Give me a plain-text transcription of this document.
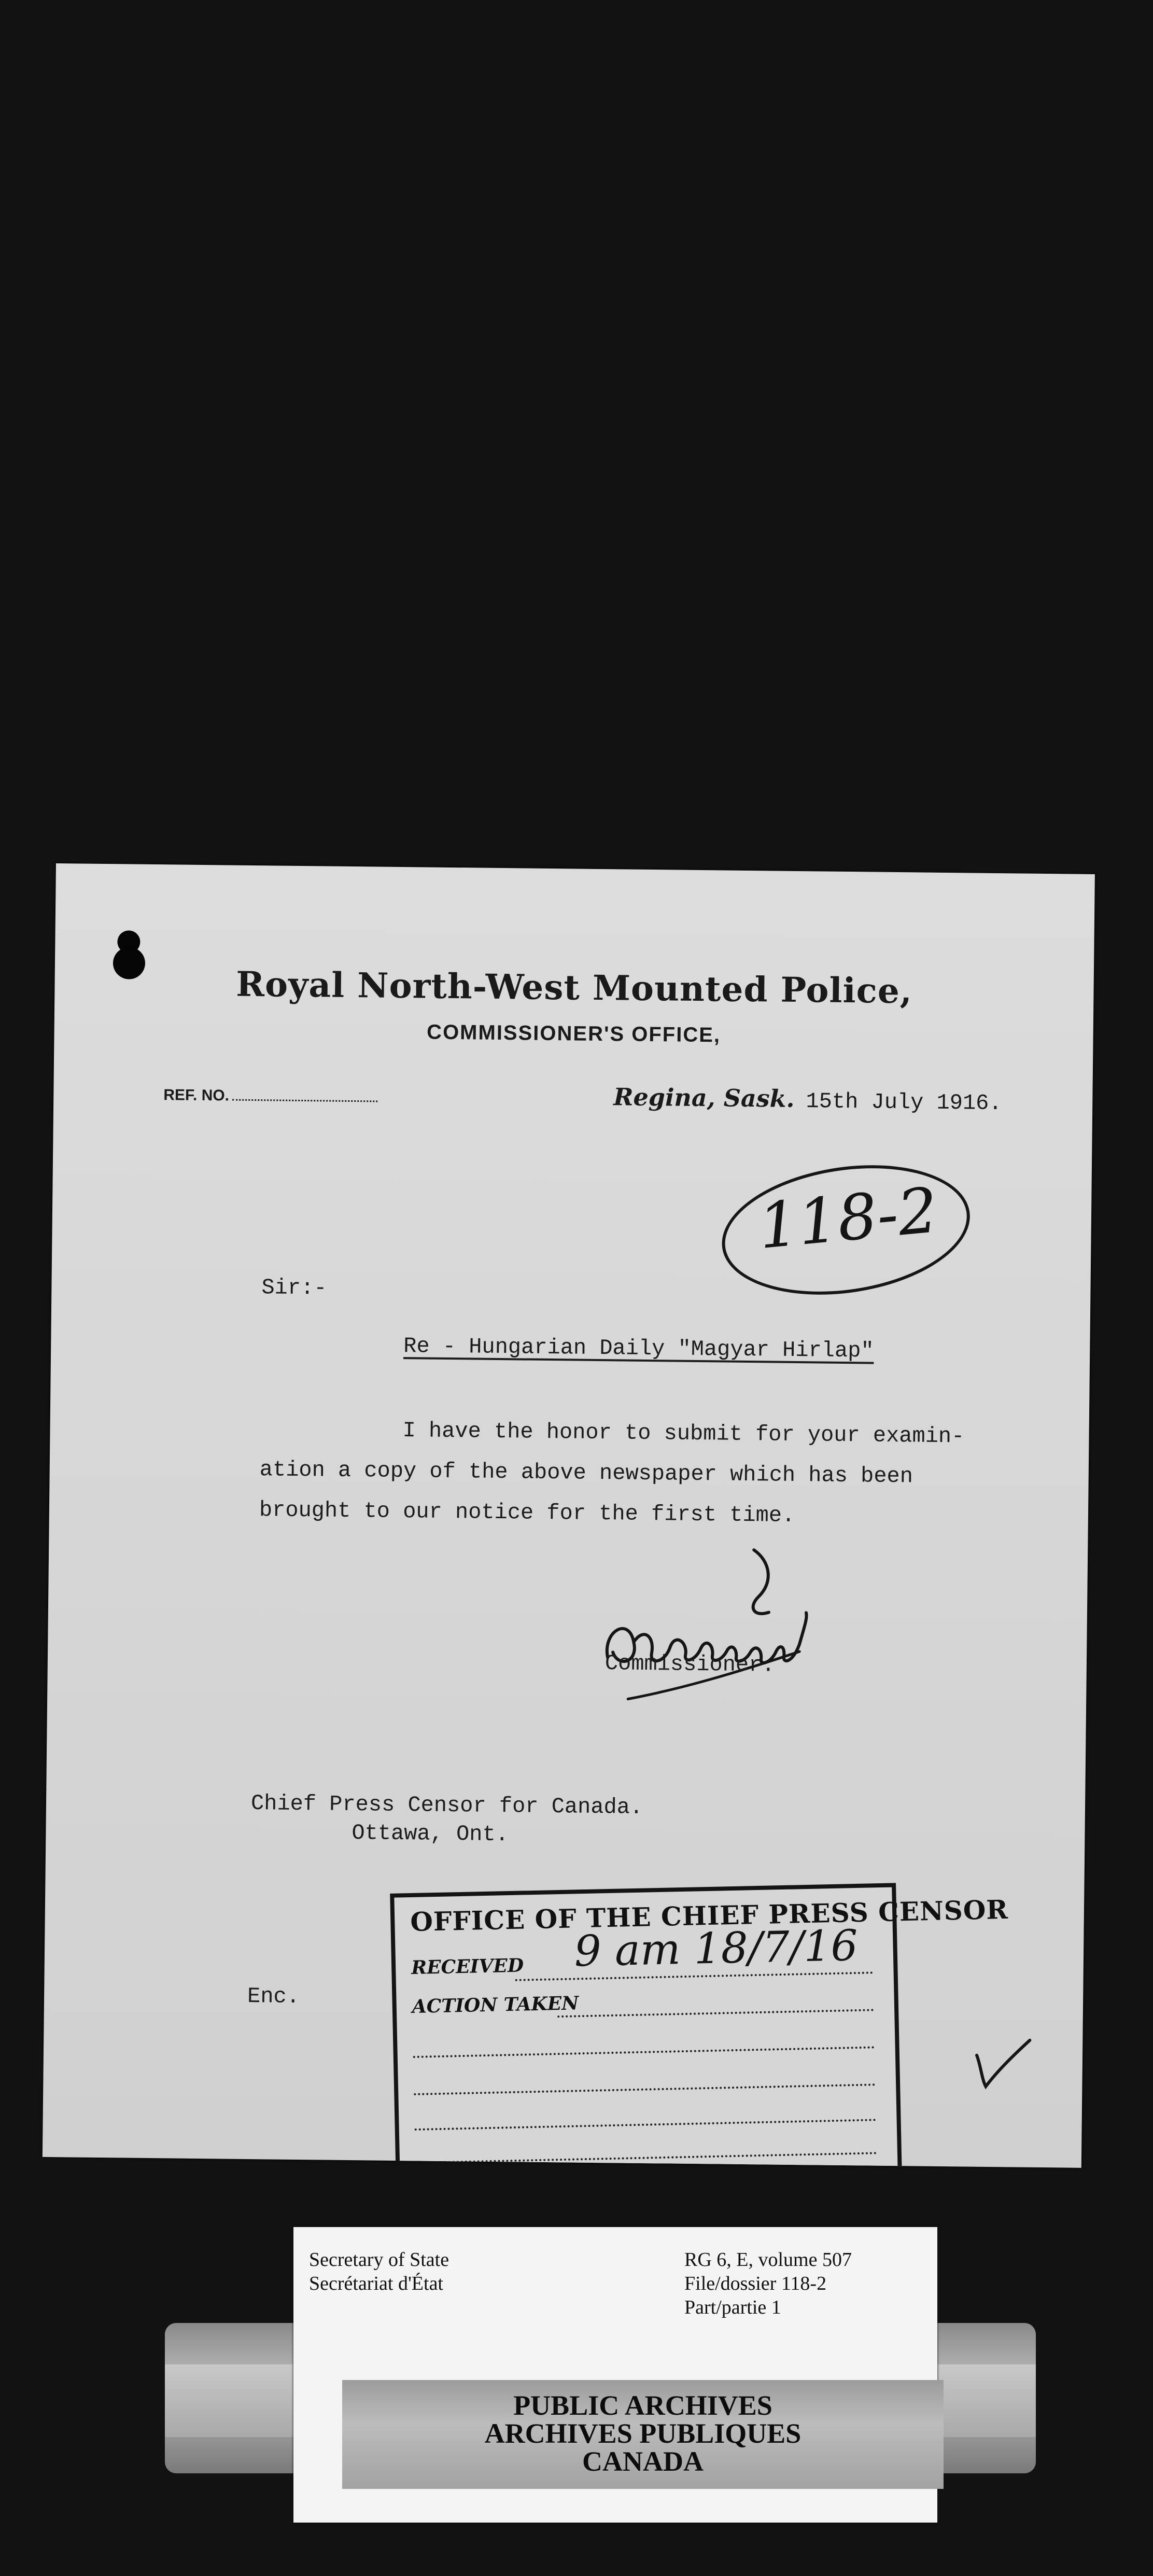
Royal North-West Mounted Police,
COMMISSIONER'S OFFICE,
REF. NO.	Regina, Sask. 15th July 1916.
118-2
Sir:-
Re - Hungarian Daily "Magyar Hirlap"
I have the honor to submit for your examin-
ation a copy of the above newspaper which has been
brought to our notice for the first time.
Commissioner.
Chief Press Censor for Canada.
Ottawa, Ont.
Enc.
OFFICE OF THE CHIEF PRESS CENSOR
RECEIVED 9 am 18/7/16
ACTION TAKEN
Secretary of State
Secrétariat d'État
RG 6, E, volume 507
File/dossier 118-2
Part/partie 1
PUBLIC ARCHIVES
ARCHIVES PUBLIQUES
CANADA
